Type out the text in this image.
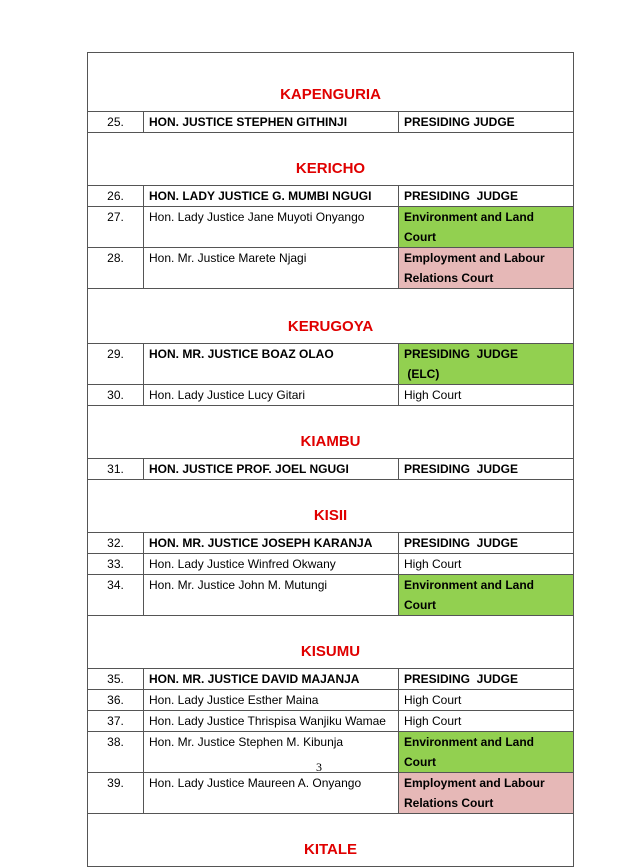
KAPENGURIA		
25.	HON. JUSTICE STEPHEN GITHINJI	PRESIDING JUDGE
KERICHO		
26.	HON. LADY JUSTICE G. MUMBI NGUGI	PRESIDING  JUDGE
27.	Hon. Lady Justice Jane Muyoti Onyango	Environment and Land Court
28.	Hon. Mr. Justice Marete Njagi	Employment and Labour Relations Court
KERUGOYA		
29.	HON. MR. JUSTICE BOAZ OLAO	PRESIDING  JUDGE
(ELC)
30.	Hon. Lady Justice Lucy Gitari	High Court
KIAMBU		
31.	HON. JUSTICE PROF. JOEL NGUGI	PRESIDING  JUDGE
KISII		
32.	HON. MR. JUSTICE JOSEPH KARANJA	PRESIDING  JUDGE
33.	Hon. Lady Justice Winfred Okwany	High Court
34.	Hon. Mr. Justice John M. Mutungi	Environment and Land Court
KISUMU		
35.	HON. MR. JUSTICE DAVID MAJANJA	PRESIDING  JUDGE
36.	Hon. Lady Justice Esther Maina	High Court
37.	Hon. Lady Justice Thrispisa Wanjiku Wamae	High Court
38.	Hon. Mr. Justice Stephen M. Kibunja	Environment and Land Court
39.	Hon. Lady Justice Maureen A. Onyango	Employment and Labour Relations Court
KITALE		
3
